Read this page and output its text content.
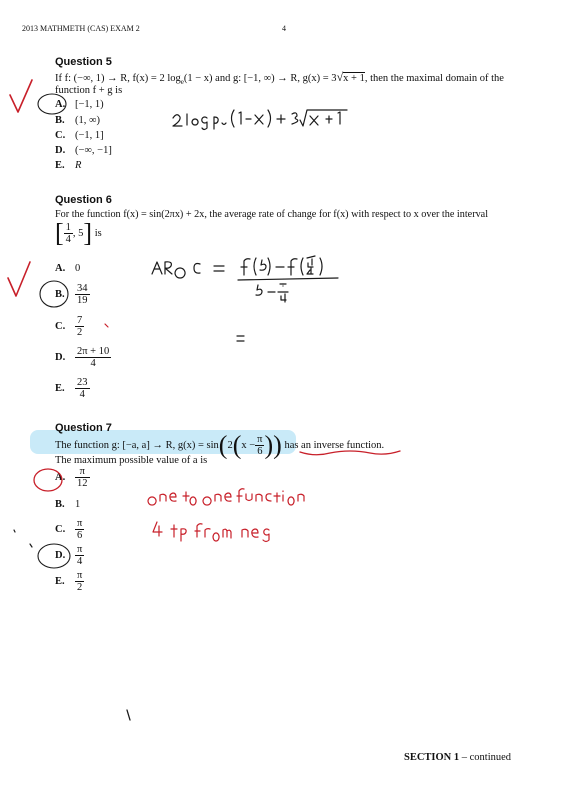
2013 MATHMETH (CAS) EXAM 2	4
Question 5
If f: (−∞, 1) → R, f(x) = 2 $\log_e(1 - x)$ and g: [−1, ∞) → R, g(x) = 3√x + 1, then the maximal domain of the
function f + g is
A. [−1, 1)
B. (1, ∞)
C. (−1, 1]
D. (−∞, −1]
E. R
Question 6
For the function f(x) = sin(2πx) + 2x, the average rate of change for f(x) with respect to x over the interval
[ $\frac{1}{4}$ , 5] is
A. 0
B. $\frac{34}{19}$
C. $\frac{7}{2}$
D. $\frac{2\pi + 10}{4}$
E. $\frac{23}{4}$
Question 7
The function g: [−a, a] → R, $g(x) = \sin(2(x - \frac{\pi}{6}$ )) has an inverse function.
The maximum possible value of a is
A. $\frac{\pi}{12}$
B. 1
C. $\frac{\pi}{6}$
D. $\frac{\pi}{4}$
E. $\frac{\pi}{2}$
SECTION 1 – continued
